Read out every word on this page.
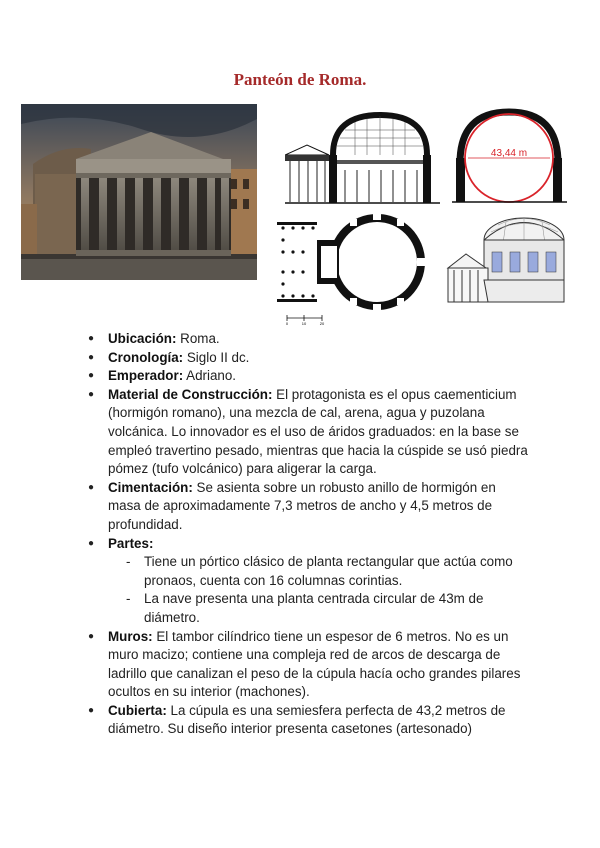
Panteón de Roma.
43,44 m
0	10	20
● Ubicación: Roma.
● Cronología: Siglo II dc.
● Emperador: Adriano.
● Material de Construcción: El protagonista es el opus caementicium (hormigón romano), una mezcla de cal, arena, agua y puzolana volcánica. Lo innovador es el uso de áridos graduados: en la base se empleó travertino pesado, mientras que hacia la cúspide se usó piedra pómez (tufo volcánico) para aligerar la carga.
● Cimentación: Se asienta sobre un robusto anillo de hormigón en masa de aproximadamente 7,3 metros de ancho y 4,5 metros de profundidad.
● Partes:
- Tiene un pórtico clásico de planta rectangular que actúa como pronaos, cuenta con 16 columnas corintias.
- La nave presenta una planta centrada circular de 43m de diámetro.
● Muros: El tambor cilíndrico tiene un espesor de 6 metros. No es un muro macizo; contiene una compleja red de arcos de descarga de ladrillo que canalizan el peso de la cúpula hacía ocho grandes pilares ocultos en su interior (machones).
● Cubierta: La cúpula es una semiesfera perfecta de 43,2 metros de diámetro. Su diseño interior presenta casetones (artesonado)
